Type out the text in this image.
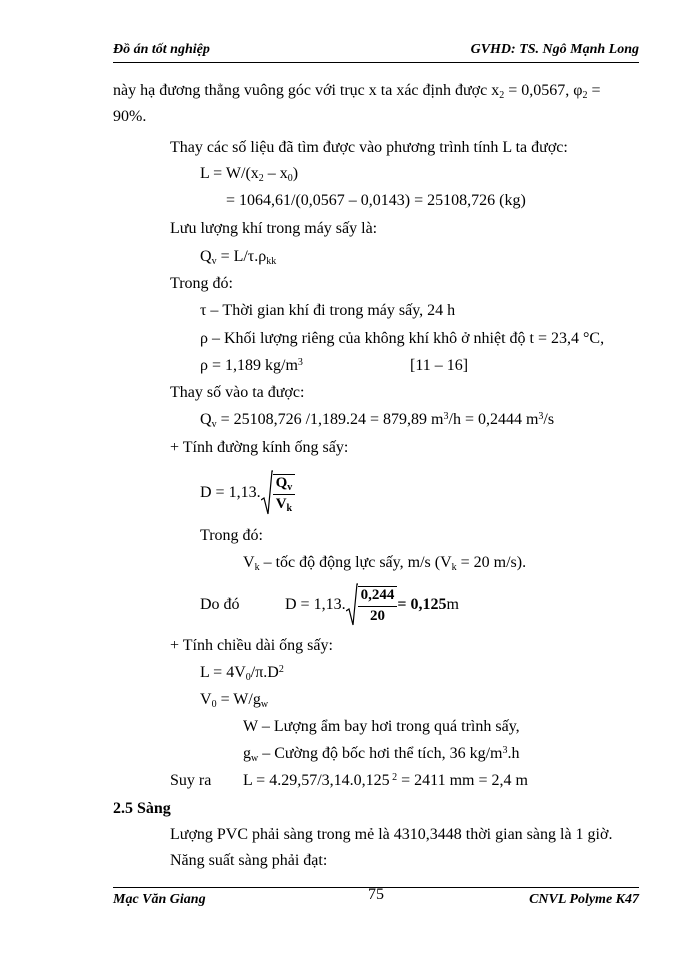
Đồ án tốt nghiệp	GVHD: TS. Ngô Mạnh Long
này hạ đương thẳng vuông góc với trục x ta xác định được $x_2 = 0,0567$, $\varphi_2$ =
90%.
Thay các số liệu đã tìm được vào phương trình tính L ta được:
$L = W/(x_2 - x_0)$
= 1064,61/(0,0567 – 0,0143) = 25108,726 (kg)
Lưu lượng khí trong máy sấy là:
$Q_v = L/\tau.\rho_{kk}$
Trong đó:
τ – Thời gian khí đi trong máy sấy, 24 h
ρ – Khối lượng riêng của không khí khô ở nhiệt độ t = 23,4 °C,
ρ = 1,189 $kg/m^3$	[11 – 16]
Thay số vào ta được:
$Q_v = 25108,726$ /1,189.24 = 879,89 $m^3/h = 0,2444$ $m^3/s$
+ Tính đường kính ống sấy:
D = 1,13. $\frac{Q_v}{V_k}$
Trong đó:
$V_k$ – tốc độ động lực sấy, m/s ($V_k = 20$ m/s).
Do đó	D = 1,13. $\frac{0,244}{20} = 0,125$ m
+ Tính chiều dài ống sấy:
$L = 4V_0/\pi.D^2$
$V_0 = W/g_w$
W – Lượng ẩm bay hơi trong quá trình sấy,
$g_w$ – Cường độ bốc hơi thể tích, 36 $kg/m^3.h$
Suy ra L = 4.29,57/3,14.0,125 $^2$ = 2411 mm = 2,4 m
2.5 Sàng
Lượng PVC phải sàng trong mẻ là 4310,3448 thời gian sàng là 1 giờ.
Năng suất sàng phải đạt:
Mạc Văn Giang	75	CNVL Polyme K47
